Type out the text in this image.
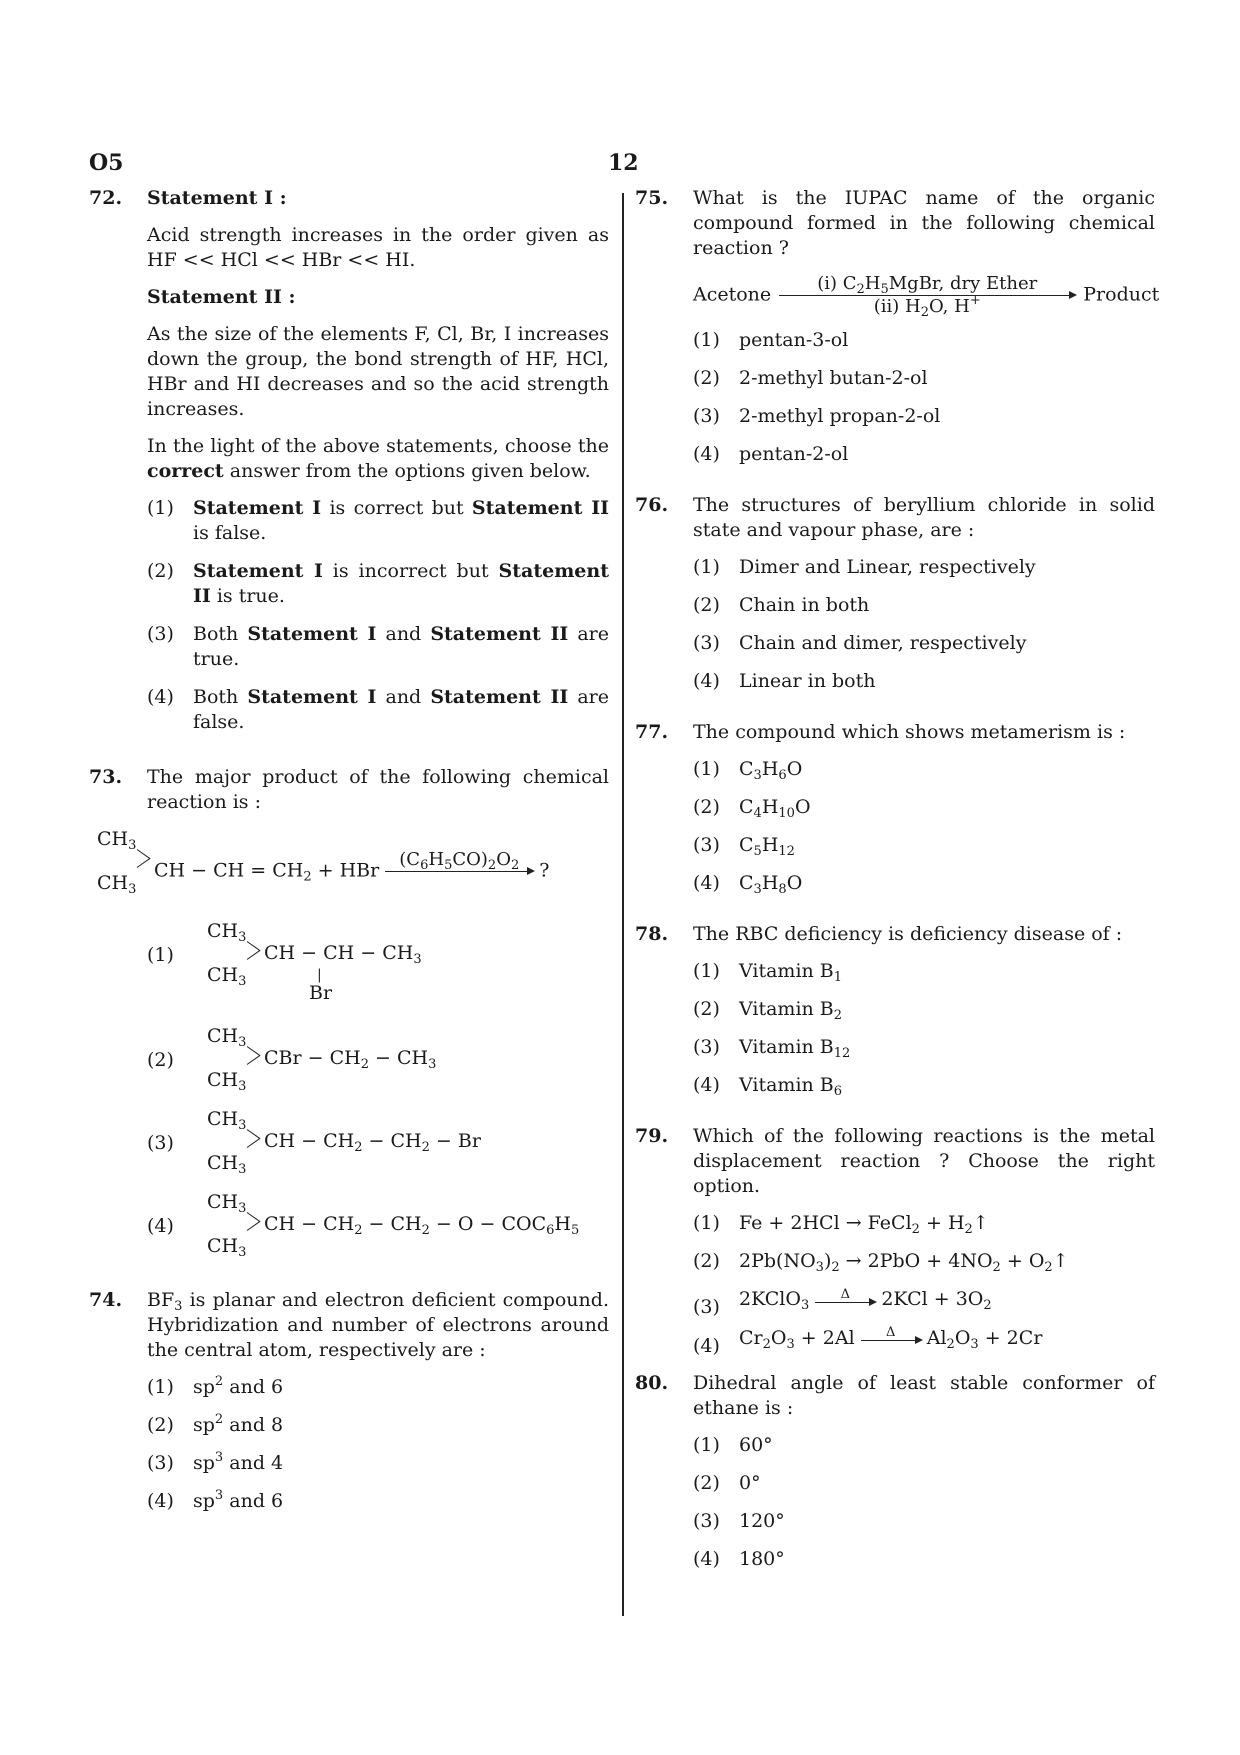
O5	12
72. Statement I :

Acid strength increases in the order given as HF << HCl << HBr << HI.

Statement II :

As the size of the elements F, Cl, Br, I increases down the group, the bond strength of HF, HCl, HBr and HI decreases and so the acid strength increases.

In the light of the above statements, choose the correct answer from the options given below.

(1) Statement I is correct but Statement II is false.
(2) Statement I is incorrect but Statement II is true.
(3) Both Statement I and Statement II are true.
(4) Both Statement I and Statement II are false.
73. The major product of the following chemical reaction is :

$CH_3$
$CH_3$
CH − CH = $CH_2$ + HBr $(C_6H_5CO)_2O_2$
?
(1)
$CH_3$
$CH_3$
CH − CH − $CH_3$
|
Br
(2)
$CH_3$
$CH_3$
CBr − $CH_2 - CH_3$
(3)
$CH_3$
$CH_3$
CH − $CH_2 - CH_2 - Br$
(4)
$CH_3$
$CH_3$
CH − $CH_2 - CH_2 - O - COC_6H_5$
74. $BF_3$ is planar and electron deficient compound. Hybridization and number of electrons around the central atom, respectively are :

(1) $sp^2$ and 6
(2) $sp^2$ and 8
(3) $sp^3$ and 4
(4) $sp^3$ and 6
75. What is the IUPAC name of the organic compound formed in the following chemical reaction ?

Acetone	(i) $C_2H_5MgBr$, dry Ether
(ii) $H_2O$, H+	Product
(1) pentan-3-ol
(2) 2-methyl butan-2-ol
(3) 2-methyl propan-2-ol
(4) pentan-2-ol
76. The structures of beryllium chloride in solid state and vapour phase, are :

(1) Dimer and Linear, respectively
(2) Chain in both
(3) Chain and dimer, respectively
(4) Linear in both
77. The compound which shows metamerism is :

(1) $C_3H_6O$
(2) $C_4H_{10}O$
(3) $C_5H_{12}$
(4) $C_3H_8O$
78. The RBC deficiency is deficiency disease of :

(1) Vitamin $B_1$
(2) Vitamin $B_2$
(3) Vitamin $B_{12}$
(4) Vitamin $B_6$
79. Which of the following reactions is the metal displacement reaction ? Choose the right option.

(1) Fe + 2HCl → FeCl$_2$ + $H_2↑$
(2) $2Pb(NO_3)_2 \to 2PbO + 4NO_2$ + $O_2↑$
(3) 2KClO$_3$
Δ
	$2KCl + 3O_2$
(4) $Cr_2O_3 + 2Al$	Δ
	$Al_2O_3 + 2Cr$
80. Dihedral angle of least stable conformer of ethane is :

(1) 60°
(2) 0°
(3) 120°
(4) 180°
